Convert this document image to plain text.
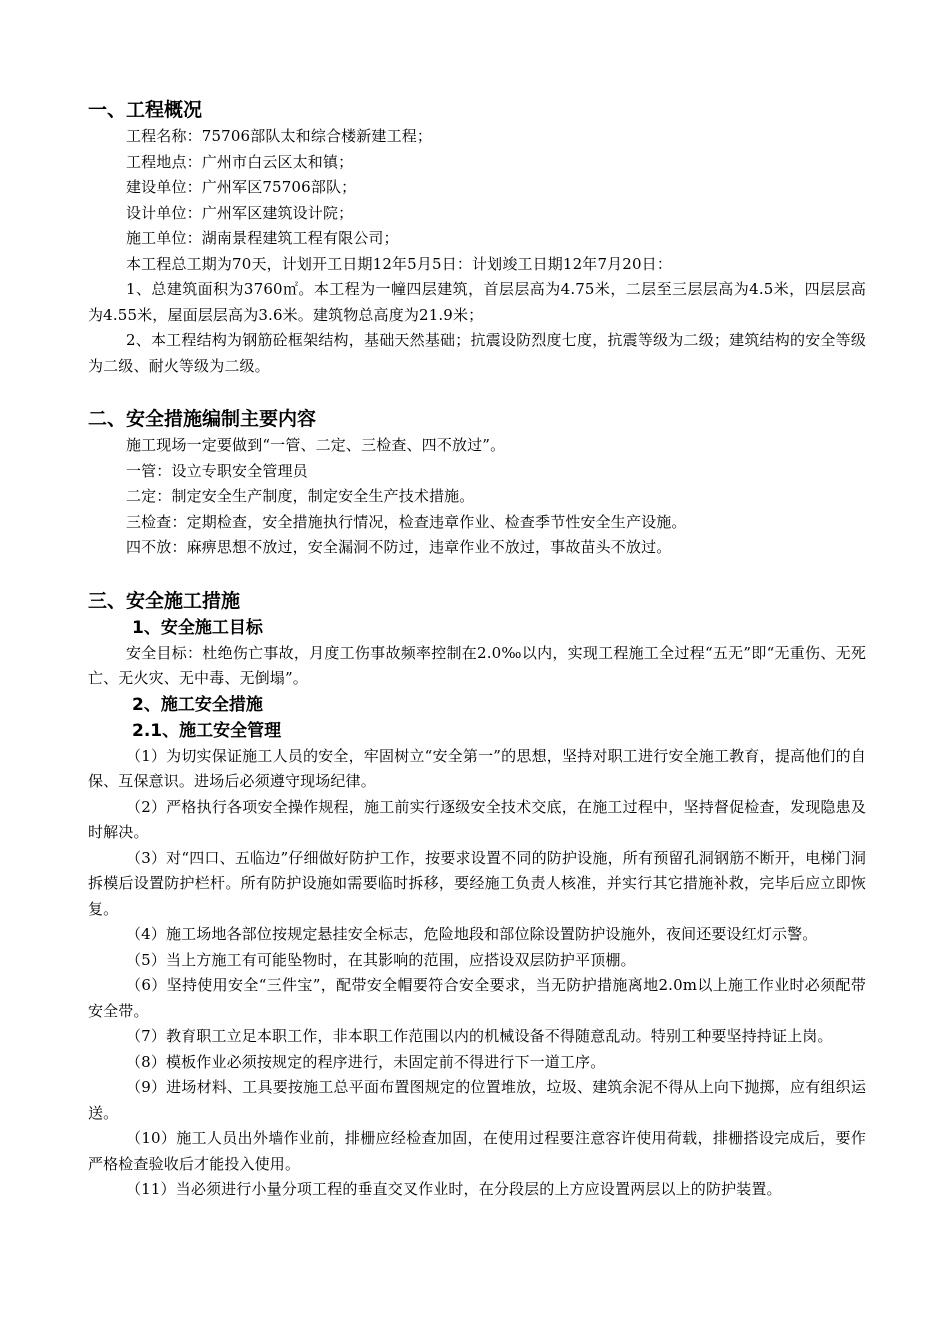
一、工程概况

工程名称：75706部队太和综合楼新建工程；

工程地点：广州市白云区太和镇；

建设单位：广州军区75706部队；

设计单位：广州军区建筑设计院；

施工单位：湖南景程建筑工程有限公司；

本工程总工期为70天，计划开工日期12年5月5日：计划竣工日期12年7月20日：

1、总建筑面积为3760㎡。本工程为一幢四层建筑，首层层高为4.75米，二层至三层层高为4.5米，四层层高为4.55米，屋面层层高为3.6米。建筑物总高度为21.9米；

2、本工程结构为钢筋砼框架结构，基础天然基础；抗震设防烈度七度，抗震等级为二级；建筑结构的安全等级为二级、耐火等级为二级。

二、安全措施编制主要内容

施工现场一定要做到“一管、二定、三检查、四不放过”。

一管：设立专职安全管理员

二定：制定安全生产制度，制定安全生产技术措施。

三检查：定期检查，安全措施执行情况，检查违章作业、检查季节性安全生产设施。

四不放：麻痹思想不放过，安全漏洞不防过，违章作业不放过，事故苗头不放过。

三、安全施工措施
1、安全施工目标

安全目标：杜绝伤亡事故，月度工伤事故频率控制在2.0‰以内，实现工程施工全过程“五无”即“无重伤、无死亡、无火灾、无中毒、无倒塌”。

2、施工安全措施
2.1、施工安全管理

（1）为切实保证施工人员的安全，牢固树立“安全第一”的思想，坚持对职工进行安全施工教育，提高他们的自保、互保意识。进场后必须遵守现场纪律。

（2）严格执行各项安全操作规程，施工前实行逐级安全技术交底，在施工过程中，坚持督促检查，发现隐患及时解决。

（3）对“四口、五临边”仔细做好防护工作，按要求设置不同的防护设施，所有预留孔洞钢筋不断开，电梯门洞拆模后设置防护栏杆。所有防护设施如需要临时拆移，要经施工负责人核准，并实行其它措施补救，完毕后应立即恢复。

（4）施工场地各部位按规定悬挂安全标志，危险地段和部位除设置防护设施外，夜间还要设红灯示警。

（5）当上方施工有可能坠物时，在其影响的范围，应搭设双层防护平顶棚。

（6）坚持使用安全“三件宝”，配带安全帽要符合安全要求，当无防护措施离地2.0m以上施工作业时必须配带安全带。

（7）教育职工立足本职工作，非本职工作范围以内的机械设备不得随意乱动。特别工种要坚持持证上岗。

（8）模板作业必须按规定的程序进行，未固定前不得进行下一道工序。

（9）进场材料、工具要按施工总平面布置图规定的位置堆放，垃圾、建筑余泥不得从上向下抛掷，应有组织运送。

（10）施工人员出外墙作业前，排栅应经检查加固，在使用过程要注意容许使用荷载，排栅搭设完成后，要作严格检查验收后才能投入使用。

（11）当必须进行小量分项工程的垂直交叉作业时，在分段层的上方应设置两层以上的防护装置。
